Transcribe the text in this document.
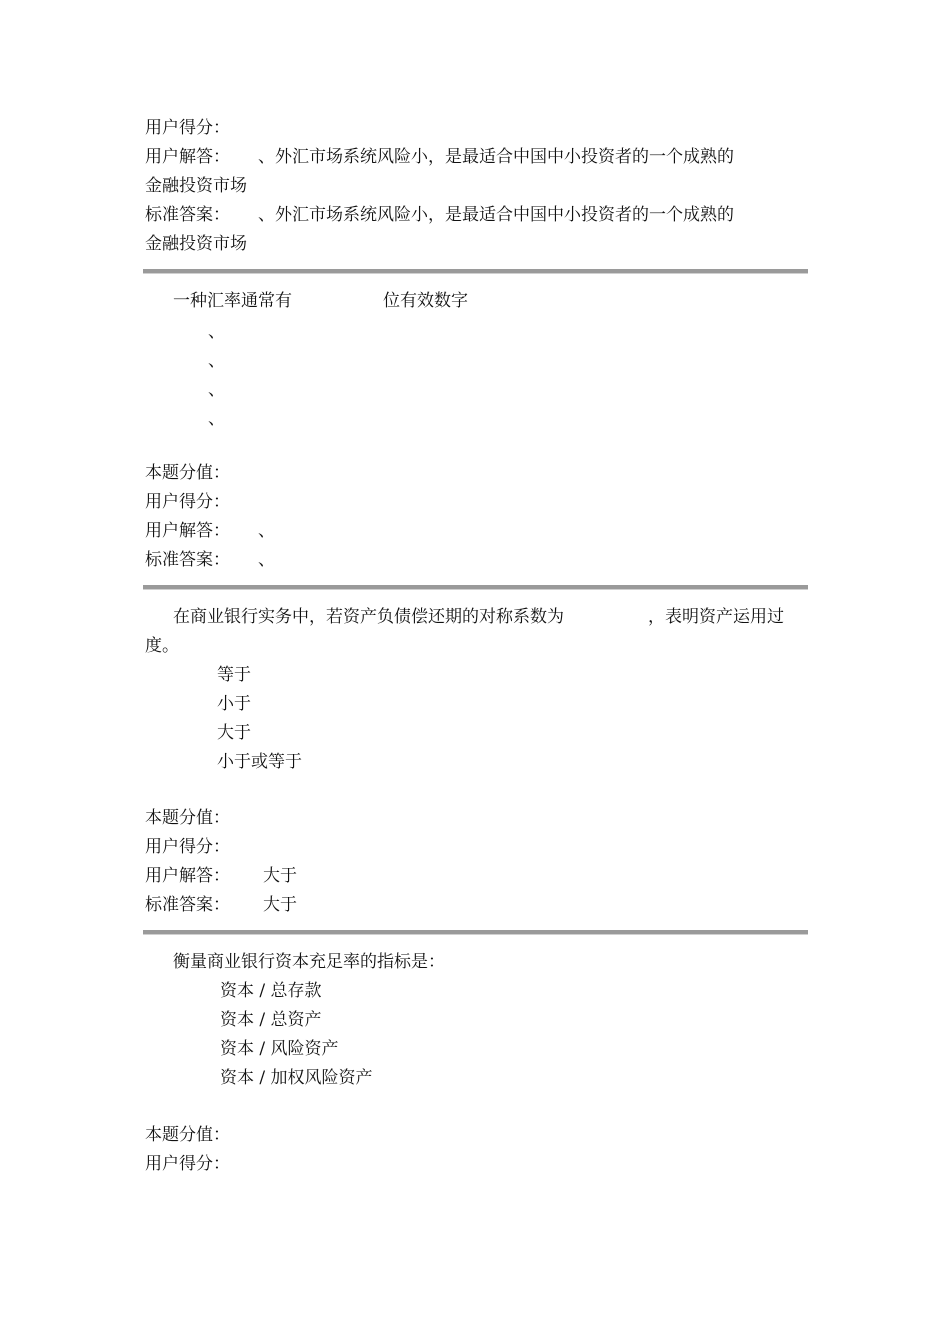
用户得分：
用户解答： 、外汇市场系统风险小，是最适合中国中小投资者的一个成熟的
金融投资市场
标准答案： 、外汇市场系统风险小，是最适合中国中小投资者的一个成熟的
金融投资市场
一种汇率通常有	位有效数字
、
、
、
、
本题分值：
用户得分：
用户解答： 、
标准答案： 、
在商业银行实务中，若资产负债偿还期的对称系数为	，表明资产运用过
度。
等于
小于
大于
小于或等于
本题分值：
用户得分：
用户解答： 大于
标准答案： 大于
衡量商业银行资本充足率的指标是：
资本 / 总存款
资本 / 总资产
资本 / 风险资产
资本 / 加权风险资产
本题分值：
用户得分：
